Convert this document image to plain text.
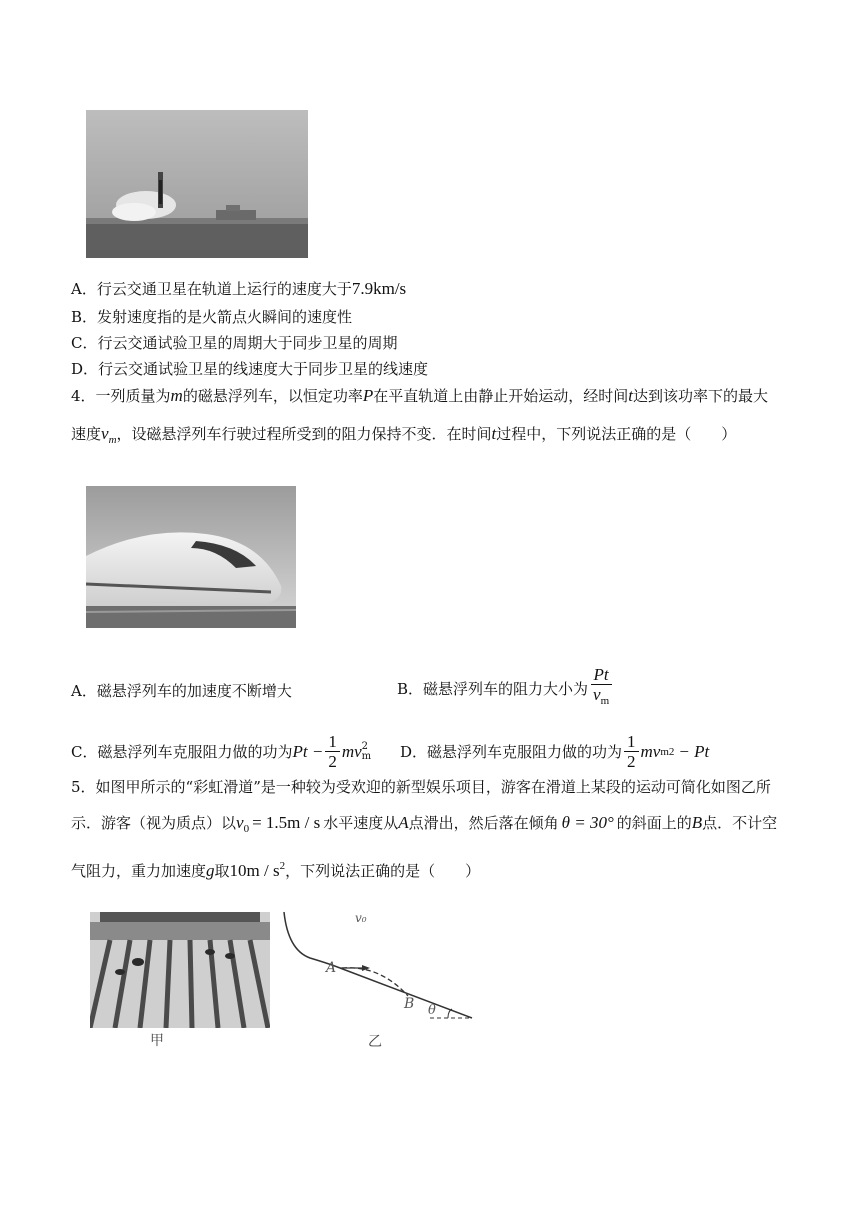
A．行云交通卫星在轨道上运行的速度大于7.9km/s
B．发射速度指的是火箭点火瞬间的速度性
C．行云交通试验卫星的周期大于同步卫星的周期
D．行云交通试验卫星的线速度大于同步卫星的线速度
4．一列质量为m的磁悬浮列车，以恒定功率P在平直轨道上由静止开始运动，经时间t达到该功率下的最大
速度$v_m$，设磁悬浮列车行驶过程所受到的阻力保持不变．在时间t过程中，下列说法正确的是（　　）
A．磁悬浮列车的加速度不断增大	B．磁悬浮列车的阻力大小为 $\frac{Pt}{v_m}$
C．磁悬浮列车克服阻力做的功为 $Pt - \frac{1}{2}$ mv 2
m D．磁悬浮列车克服阻力做的功为 $\frac{1}{2}$ mv m 2 − Pt
5．如图甲所示的“彩虹滑道”是一种较为受欢迎的新型娱乐项目，游客在滑道上某段的运动可简化如图乙所
示．游客（视为质点）以$v_0 = 1.5m / s$ 水平速度从A点滑出，然后落在倾角 θ = 30° 的斜面上的B点．不计空
气阻力，重力加速度g取$10m / s^2$，下列说法正确的是（　　）
甲
v₀
A
B θ
乙
